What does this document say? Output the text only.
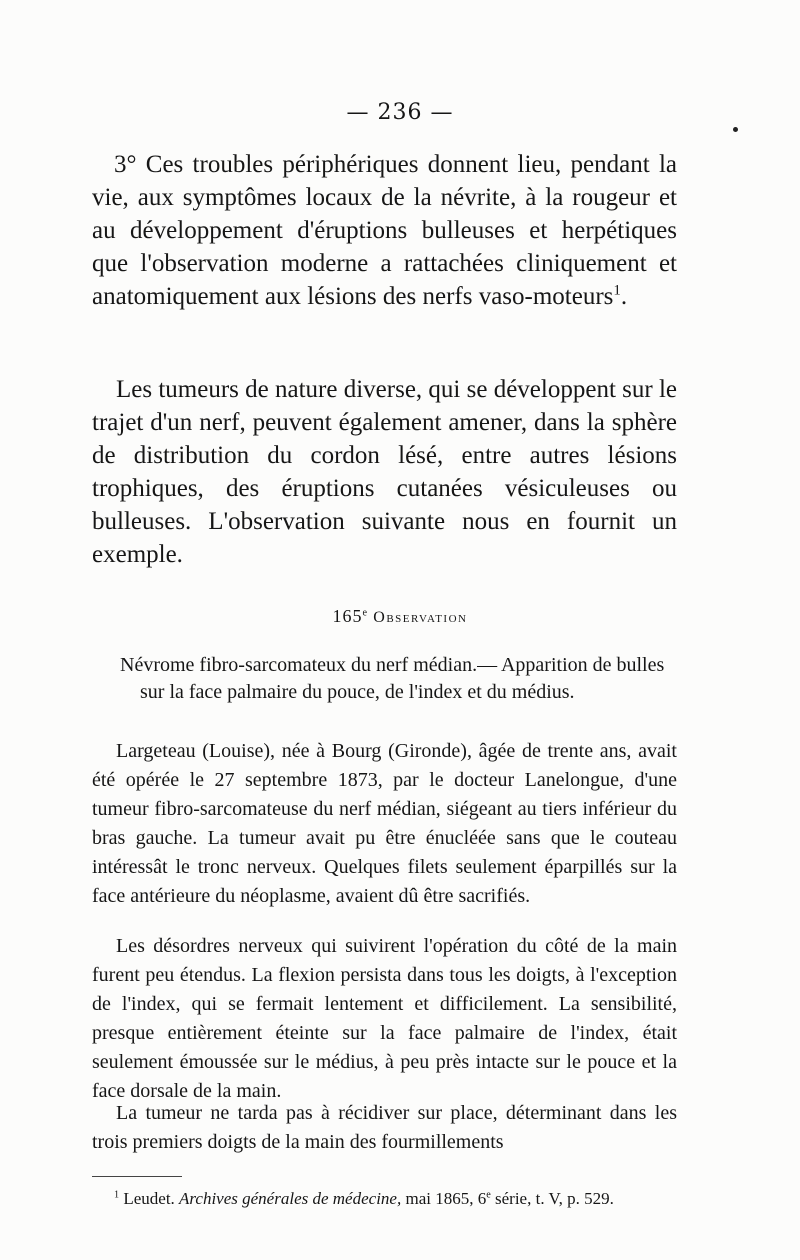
— 236 —

3° Ces troubles périphériques donnent lieu, pendant la vie, aux symptômes locaux de la névrite, à la rougeur et au développement d'éruptions bulleuses et herpétiques que l'observation moderne a rattachées cliniquement et anatomiquement aux lésions des nerfs vaso-moteurs$^1$.

Les tumeurs de nature diverse, qui se développent sur le trajet d'un nerf, peuvent également amener, dans la sphère de distribution du cordon lésé, entre autres lésions trophiques, des éruptions cutanées vésiculeuses ou bulleuses. L'observation suivante nous en fournit un exemple.

165e Observation

Névrome fibro-sarcomateux du nerf médian.— Apparition de bulles
sur la face palmaire du pouce, de l'index et du médius.

Largeteau (Louise), née à Bourg (Gironde), âgée de trente ans, avait été opérée le 27 septembre 1873, par le docteur Lanelongue, d'une tumeur fibro-sarcomateuse du nerf médian, siégeant au tiers inférieur du bras gauche. La tumeur avait pu être énucléée sans que le couteau intéressât le tronc nerveux. Quelques filets seulement éparpillés sur la face antérieure du néoplasme, avaient dû être sacrifiés.

Les désordres nerveux qui suivirent l'opération du côté de la main furent peu étendus. La flexion persista dans tous les doigts, à l'exception de l'index, qui se fermait lentement et difficilement. La sensibilité, presque entièrement éteinte sur la face palmaire de l'index, était seulement émoussée sur le médius, à peu près intacte sur le pouce et la face dorsale de la main.

La tumeur ne tarda pas à récidiver sur place, déterminant dans les trois premiers doigts de la main des fourmillements

$^1$ Leudet. Archives générales de médecine, mai 1865, 6e série, t. V, p. 529.
